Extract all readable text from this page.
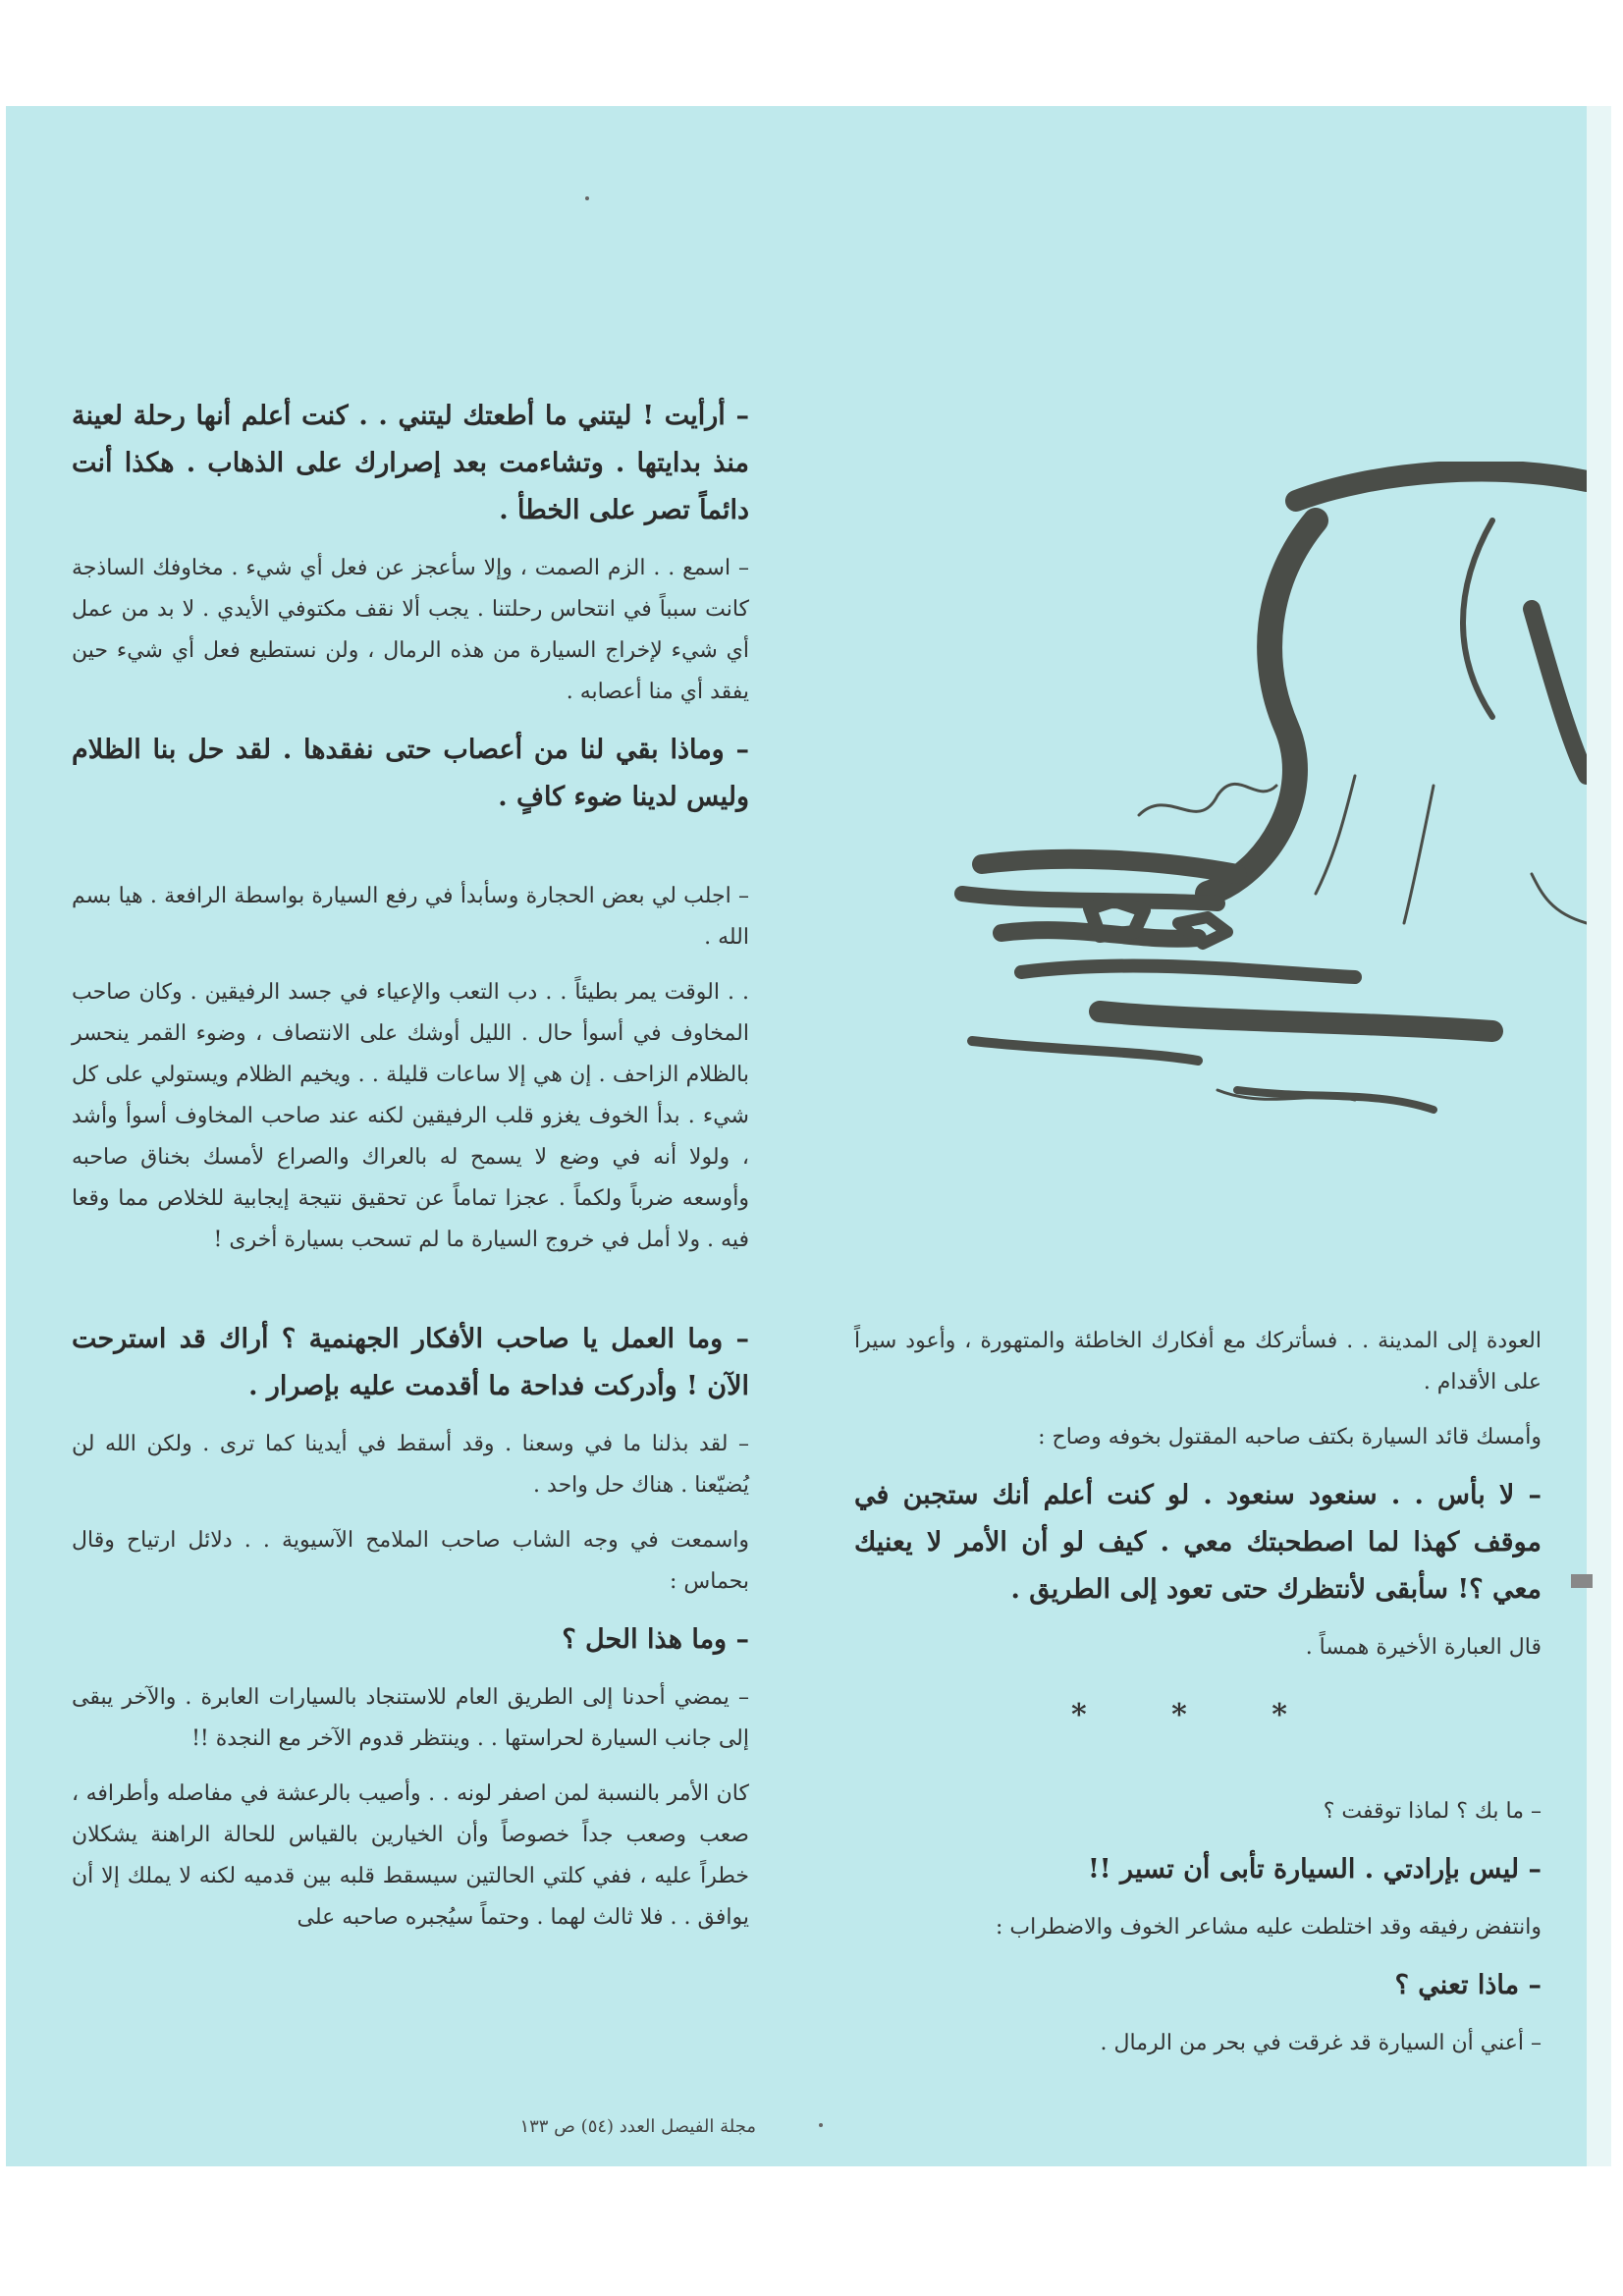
– أرأيت ! ليتني ما أطعتك ليتني . . كنت أعلم أنها رحلة لعينة منذ بدايتها . وتشاءمت بعد إصرارك على الذهاب . هكذا أنت دائماً تصر على الخطأ .

– اسمع . . الزم الصمت ، وإلا سأعجز عن فعل أي شيء . مخاوفك الساذجة كانت سبباً في انتحاس رحلتنا . يجب ألا نقف مكتوفي الأيدي . لا بد من عمل أي شيء لإخراج السيارة من هذه الرمال ، ولن نستطيع فعل أي شيء حين يفقد أي منا أعصابه .

– وماذا بقي لنا من أعصاب حتى نفقدها . لقد حل بنا الظلام وليس لدينا ضوء كافٍ .

– اجلب لي بعض الحجارة وسأبدأ في رفع السيارة بواسطة الرافعة . هيا بسم الله .

. . الوقت يمر بطيئاً . . دب التعب والإعياء في جسد الرفيقين . وكان صاحب المخاوف في أسوأ حال . الليل أوشك على الانتصاف ، وضوء القمر ينحسر بالظلام الزاحف . إن هي إلا ساعات قليلة . . ويخيم الظلام ويستولي على كل شيء . بدأ الخوف يغزو قلب الرفيقين لكنه عند صاحب المخاوف أسوأ وأشد ، ولولا أنه في وضع لا يسمح له بالعراك والصراع لأمسك بخناق صاحبه وأوسعه ضرباً ولكماً . عجزا تماماً عن تحقيق نتيجة إيجابية للخلاص مما وقعا فيه . ولا أمل في خروج السيارة ما لم تسحب بسيارة أخرى !

– وما العمل يا صاحب الأفكار الجهنمية ؟ أراك قد استرحت الآن ! وأدركت فداحة ما أقدمت عليه بإصرار .

– لقد بذلنا ما في وسعنا . وقد أسقط في أيدينا كما ترى . ولكن الله لن يُضيّعنا . هناك حل واحد .

واسمعت في وجه الشاب صاحب الملامح الآسيوية . . دلائل ارتياح وقال بحماس :

– وما هذا الحل ؟

– يمضي أحدنا إلى الطريق العام للاستنجاد بالسيارات العابرة . والآخر يبقى إلى جانب السيارة لحراستها . . وينتظر قدوم الآخر مع النجدة !!

كان الأمر بالنسبة لمن اصفر لونه . . وأصيب بالرعشة في مفاصله وأطرافه ، صعب وصعب جداً خصوصاً وأن الخيارين بالقياس للحالة الراهنة يشكلان خطراً عليه ، ففي كلتي الحالتين سيسقط قلبه بين قدميه لكنه لا يملك إلا أن يوافق . . فلا ثالث لهما . وحتماً سيُجبره صاحبه على

العودة إلى المدينة . . فسأتركك مع أفكارك الخاطئة والمتهورة ، وأعود سيراً على الأقدام .

وأمسك قائد السيارة بكتف صاحبه المقتول بخوفه وصاح :

– لا بأس . . سنعود سنعود . لو كنت أعلم أنك ستجبن في موقف كهذا لما اصطحبتك معي . كيف لو أن الأمر لا يعنيك معي ؟! سأبقى لأنتظرك حتى تعود إلى الطريق .

قال العبارة الأخيرة همساً .

* * *

– ما بك ؟ لماذا توقفت ؟

– ليس بإرادتي . السيارة تأبى أن تسير !!

وانتفض رفيقه وقد اختلطت عليه مشاعر الخوف والاضطراب :

– ماذا تعني ؟

– أعني أن السيارة قد غرقت في بحر من الرمال .

مجلة الفيصل العدد (٥٤) ص ١٣٣
